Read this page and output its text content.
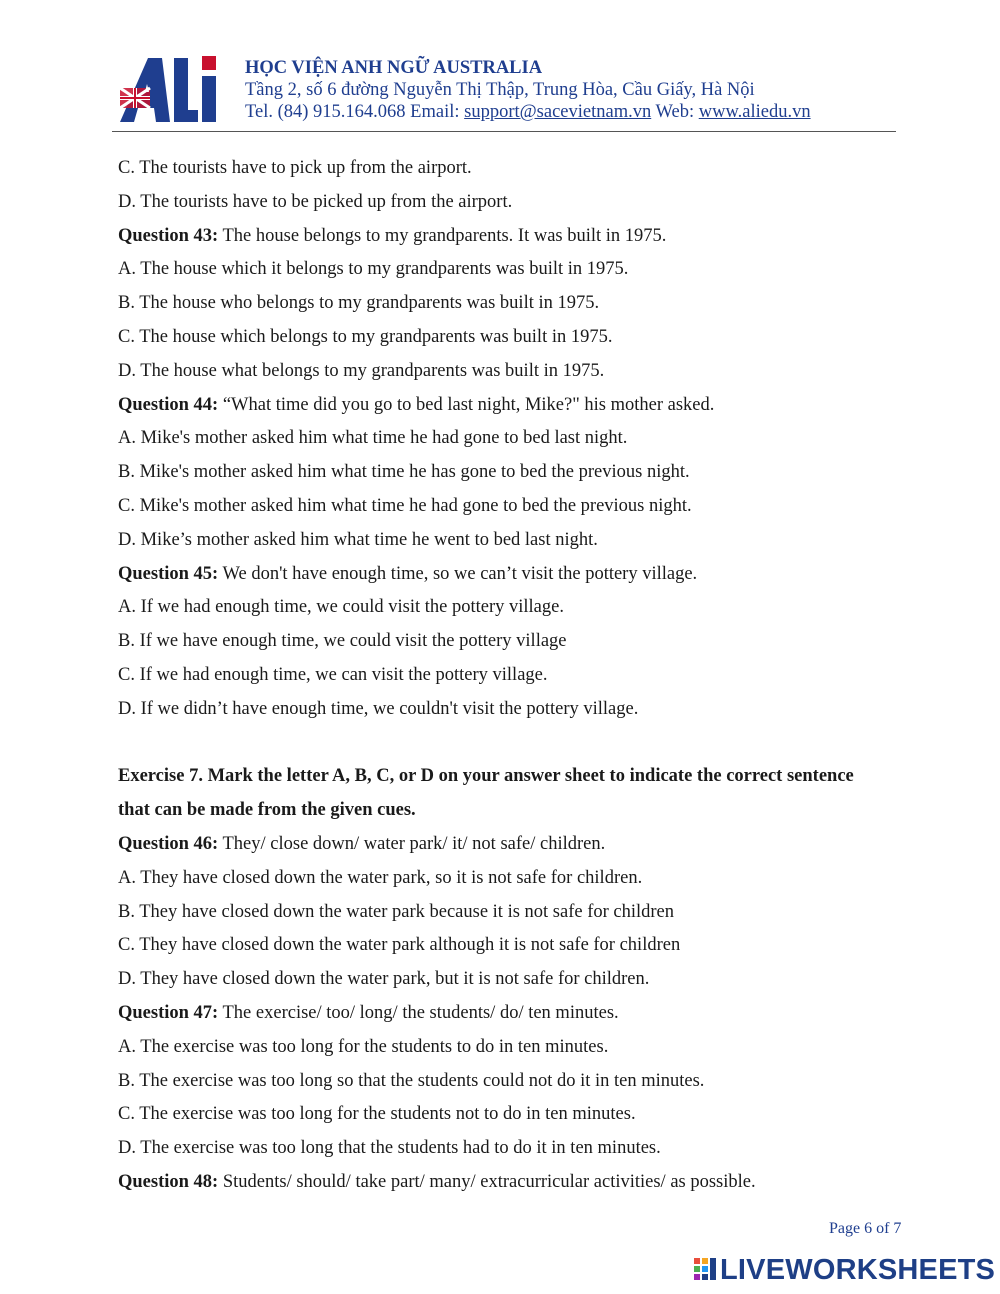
HỌC VIỆN ANH NGỮ AUSTRALIA
Tầng 2, số 6 đường Nguyễn Thị Thập, Trung Hòa, Cầu Giấy, Hà Nội
Tel. (84) 915.164.068 Email: support@sacevietnam.vn Web: www.aliedu.vn
C. The tourists have to pick up from the airport.
D. The tourists have to be picked up from the airport.
Question 43: The house belongs to my grandparents. It was built in 1975.
A. The house which it belongs to my grandparents was built in 1975.
B. The house who belongs to my grandparents was built in 1975.
C. The house which belongs to my grandparents was built in 1975.
D. The house what belongs to my grandparents was built in 1975.
Question 44: “What time did you go to bed last night, Mike?" his mother asked.
A. Mike's mother asked him what time he had gone to bed last night.
B. Mike's mother asked him what time he has gone to bed the previous night.
C. Mike's mother asked him what time he had gone to bed the previous night.
D. Mike’s mother asked him what time he went to bed last night.
Question 45: We don't have enough time, so we can’t visit the pottery village.
A. If we had enough time, we could visit the pottery village.
B. If we have enough time, we could visit the pottery village
C. If we had enough time, we can visit the pottery village.
D. If we didn’t have enough time, we couldn't visit the pottery village.
Exercise 7. Mark the letter A, B, C, or D on your answer sheet to indicate the correct sentence
that can be made from the given cues.
Question 46: They/ close down/ water park/ it/ not safe/ children.
A. They have closed down the water park, so it is not safe for children.
B. They have closed down the water park because it is not safe for children
C. They have closed down the water park although it is not safe for children
D. They have closed down the water park, but it is not safe for children.
Question 47: The exercise/ too/ long/ the students/ do/ ten minutes.
A. The exercise was too long for the students to do in ten minutes.
B. The exercise was too long so that the students could not do it in ten minutes.
C. The exercise was too long for the students not to do in ten minutes.
D. The exercise was too long that the students had to do it in ten minutes.
Question 48: Students/ should/ take part/ many/ extracurricular activities/ as possible.
Page 6 of 7
LIVEWORKSHEETS
